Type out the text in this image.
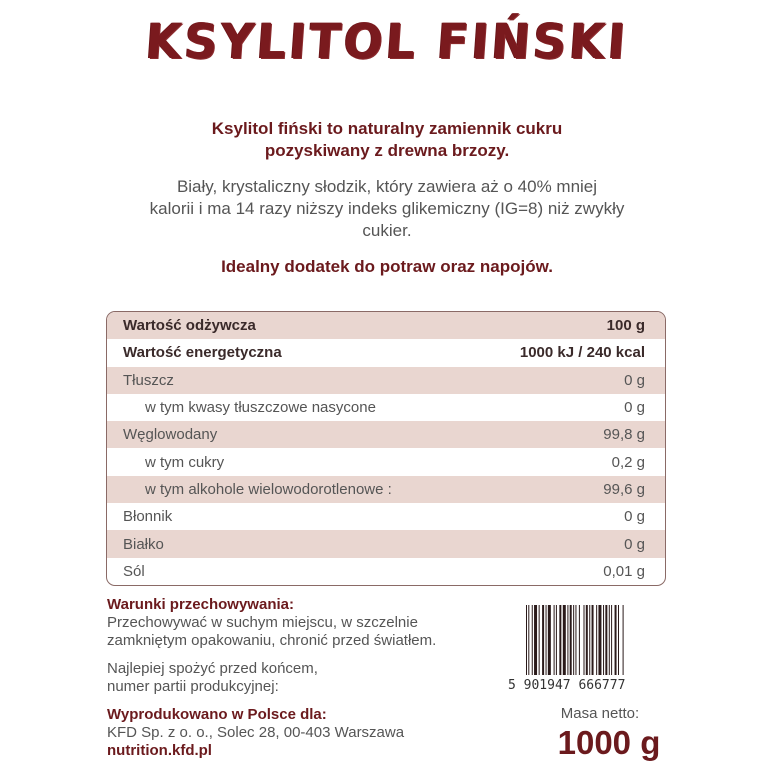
KSYLITOL FIŃSKI
Ksylitol fiński to naturalny zamiennik cukru
pozyskiwany z drewna brzozy.
Biały, krystaliczny słodzik, który zawiera aż o 40% mniej
kalorii i ma 14 razy niższy indeks glikemiczny (IG=8) niż zwykły
cukier.
Idealny dodatek do potraw oraz napojów.
Wartość odżywcza	100 g
Wartość energetyczna	1000 kJ / 240 kcal
Tłuszcz	0 g
w tym kwasy tłuszczowe nasycone	0 g
Węglowodany	99,8 g
w tym cukry	0,2 g
w tym alkohole wielowodorotlenowe :	99,6 g
Błonnik	0 g
Białko	0 g
Sól	0,01 g

Warunki przechowywania:

Przechowywać w suchym miejscu, w szczelnie

zamkniętym opakowaniu, chronić przed światłem.

Najlepiej spożyć przed końcem,

numer partii produkcyjnej:

Wyprodukowano w Polsce dla:

KFD Sp. z o. o., Solec 28, 00-403 Warszawa

nutrition.kfd.pl

5 901947 666777
Masa netto:
1000 g
